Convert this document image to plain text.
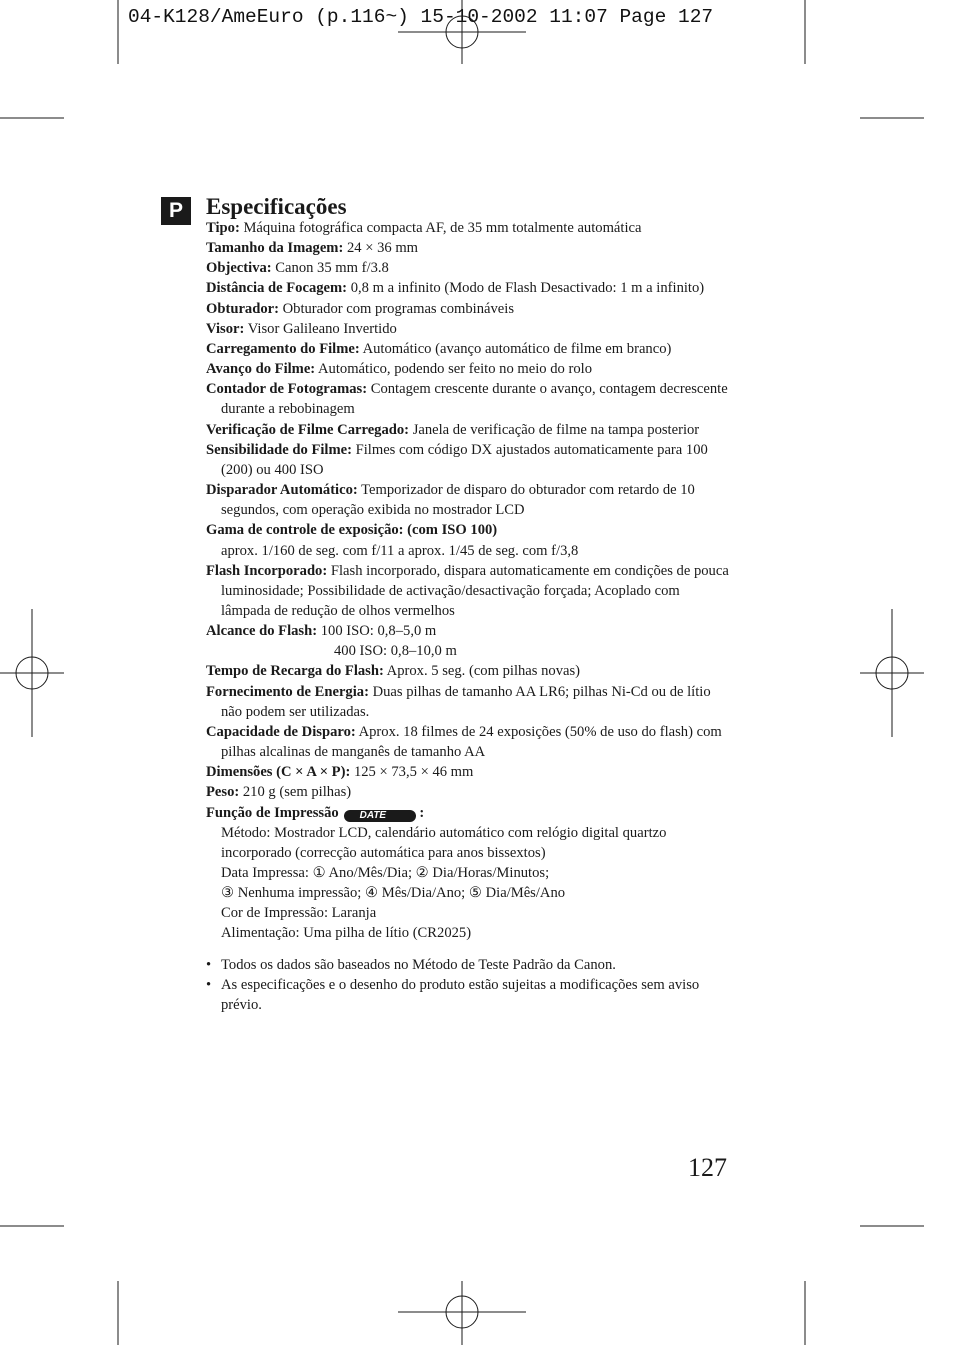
04-K128/AmeEuro (p.116~) 15-10-2002 11:07 Page 127
P	Especificações

Tipo: Máquina fotográfica compacta AF, de 35 mm totalmente automática

Tamanho da Imagem: 24 × 36 mm

Objectiva: Canon 35 mm f/3.8

Distância de Focagem: 0,8 m a infinito (Modo de Flash Desactivado: 1 m a infinito)

Obturador: Obturador com programas combináveis

Visor: Visor Galileano Invertido

Carregamento do Filme: Automático (avanço automático de filme em branco)

Avanço do Filme: Automático, podendo ser feito no meio do rolo

Contador de Fotogramas: Contagem crescente durante o avanço, contagem decrescente durante a rebobinagem

Verificação de Filme Carregado: Janela de verificação de filme na tampa posterior

Sensibilidade do Filme: Filmes com código DX ajustados automaticamente para 100 (200) ou 400 ISO

Disparador Automático: Temporizador de disparo do obturador com retardo de 10 segundos, com operação exibida no mostrador LCD

Gama de controle de exposição: (com ISO 100)

aprox. 1/160 de seg. com f/11 a aprox. 1/45 de seg. com f/3,8

Flash Incorporado: Flash incorporado, dispara automaticamente em condições de pouca luminosidade; Possibilidade de activação/desactivação forçada; Acoplado com lâmpada de redução de olhos vermelhos

Alcance do Flash: 100 ISO: 0,8–5,0 m

400 ISO: 0,8–10,0 m

Tempo de Recarga do Flash: Aprox. 5 seg. (com pilhas novas)

Fornecimento de Energia: Duas pilhas de tamanho AA LR6; pilhas Ni-Cd ou de lítio não podem ser utilizadas.

Capacidade de Disparo: Aprox. 18 filmes de 24 exposições (50% de uso do flash) com pilhas alcalinas de manganês de tamanho AA

Dimensões (C × A × P): 125 × 73,5 × 46 mm

Peso: 210 g (sem pilhas)

Função de Impressão DATE :

Método: Mostrador LCD, calendário automático com relógio digital quartzo incorporado (correcção automática para anos bissextos)

Data Impressa: ① Ano/Mês/Dia; ② Dia/Horas/Minutos;

③ Nenhuma impressão; ④ Mês/Dia/Ano; ⑤ Dia/Mês/Ano

Cor de Impressão: Laranja

Alimentação: Uma pilha de lítio (CR2025)

• Todos os dados são baseados no Método de Teste Padrão da Canon.
• As especificações e o desenho do produto estão sujeitas a modificações sem aviso prévio.
127
